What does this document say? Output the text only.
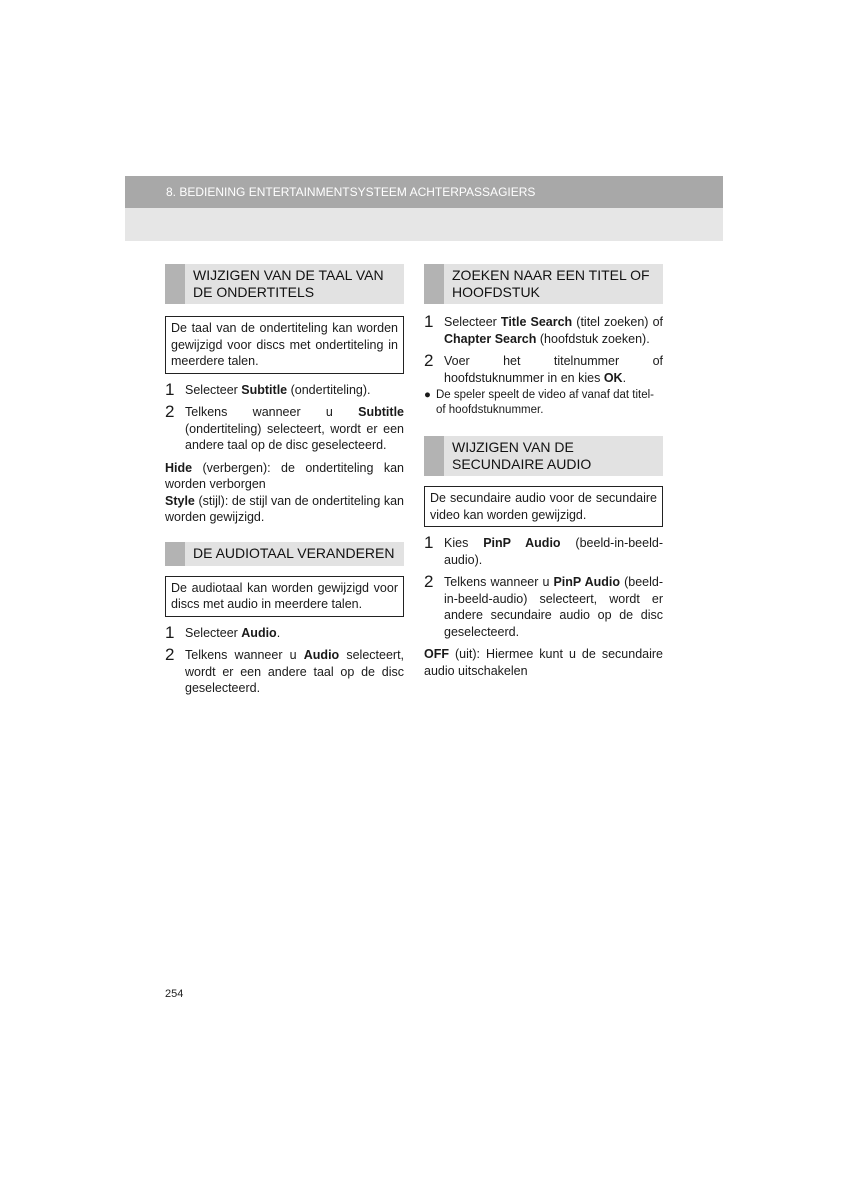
8. BEDIENING ENTERTAINMENTSYSTEEM ACHTERPASSAGIERS
WIJZIGEN VAN DE TAAL VAN DE ONDERTITELS
De taal van de ondertiteling kan worden gewijzigd voor discs met ondertiteling in meerdere talen.
1 Selecteer Subtitle (ondertiteling).
2 Telkens wanneer u Subtitle (ondertiteling) selecteert, wordt er een andere taal op de disc geselecteerd.

Hide (verbergen): de ondertiteling kan worden verborgen

Style (stijl): de stijl van de ondertiteling kan worden gewijzigd.

DE AUDIOTAAL VERANDEREN
De audiotaal kan worden gewijzigd voor discs met audio in meerdere talen.
1 Selecteer Audio.
2 Telkens wanneer u Audio selecteert, wordt er een andere taal op de disc geselecteerd.
ZOEKEN NAAR EEN TITEL OF HOOFDSTUK
1 Selecteer Title Search (titel zoeken) of Chapter Search (hoofdstuk zoeken).
2 Voer het titelnummer of hoofdstuknummer in en kies OK.
● De speler speelt de video af vanaf dat titel- of hoofdstuknummer.
WIJZIGEN VAN DE SECUNDAIRE AUDIO
De secundaire audio voor de secundaire video kan worden gewijzigd.
1 Kies PinP Audio (beeld-in-beeld-audio).
2 Telkens wanneer u PinP Audio (beeld-in-beeld-audio) selecteert, wordt er andere secundaire audio op de disc geselecteerd.

OFF (uit): Hiermee kunt u de secundaire audio uitschakelen

254
